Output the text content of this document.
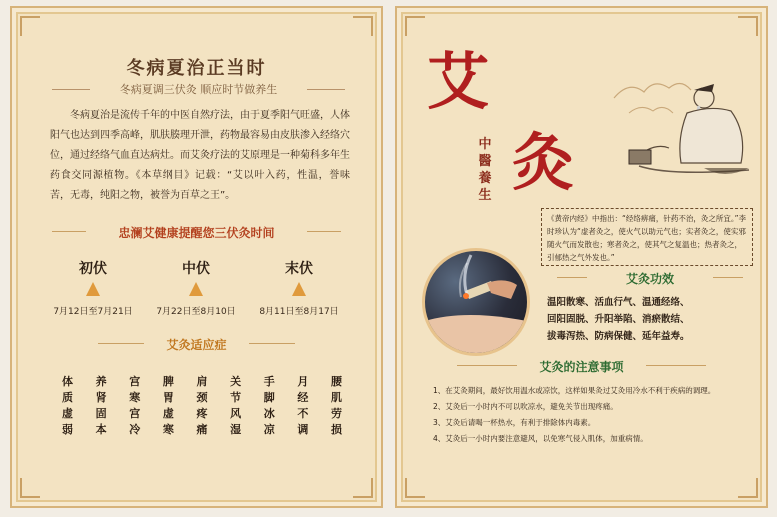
冬病夏治正当时
冬病夏调三伏灸 顺应时节做养生
冬病夏治是流传千年的中医自然疗法，由于夏季阳气旺盛，人体阳气也达到四季高峰，肌肤腠理开泄，药物最容易由皮肤渗入经络穴位，通过经络气血直达病灶。而艾灸疗法的艾原理是一种菊科多年生药食交同源植物。《本草纲目》记载：“艾以叶入药，性温，誉味苦，无毒，纯阳之物，被誉为百草之王”。
忠澜艾健康提醒您三伏灸时间
初伏
7月12日至7月21日
中伏
7月22日至8月10日
末伏
8月11日至8月17日
艾灸适应症
体
质
虚
弱
养
肾
固
本
宫
寒
宫
冷
脾
胃
虚
寒
肩
颈
疼
痛
关
节
风
湿
手
脚
冰
凉
月
经
不
调
腰
肌
劳
损
艾
灸
中醫養生
《黄帝内经》中指出：“经络痹痛，针药不治，灸之所宜。”李时珍认为“虚者灸之，使火气以助元气也；实者灸之，使实邪随火气而发散也；寒者灸之，使其气之复温也；热者灸之，引郁热之气外发也。”
艾灸功效
温阳散寒、活血行气、温通经络、
回阳固脱、升阳举陷、消瘀散结、
拔毒泻热、防病保健、延年益寿。
艾灸的注意事项
1、在艾灸期间，最好饮用温水或凉饮，这样如果灸过艾灸用冷水不利于疾病的调理。
2、艾灸后一小时内不可以吹凉水，避免关节出现疼痛。
3、艾灸后请喝一杯热水，有利于排除体内毒素。
4、艾灸后一小时内要注意避风，以免寒气侵入肌体，加重病情。
